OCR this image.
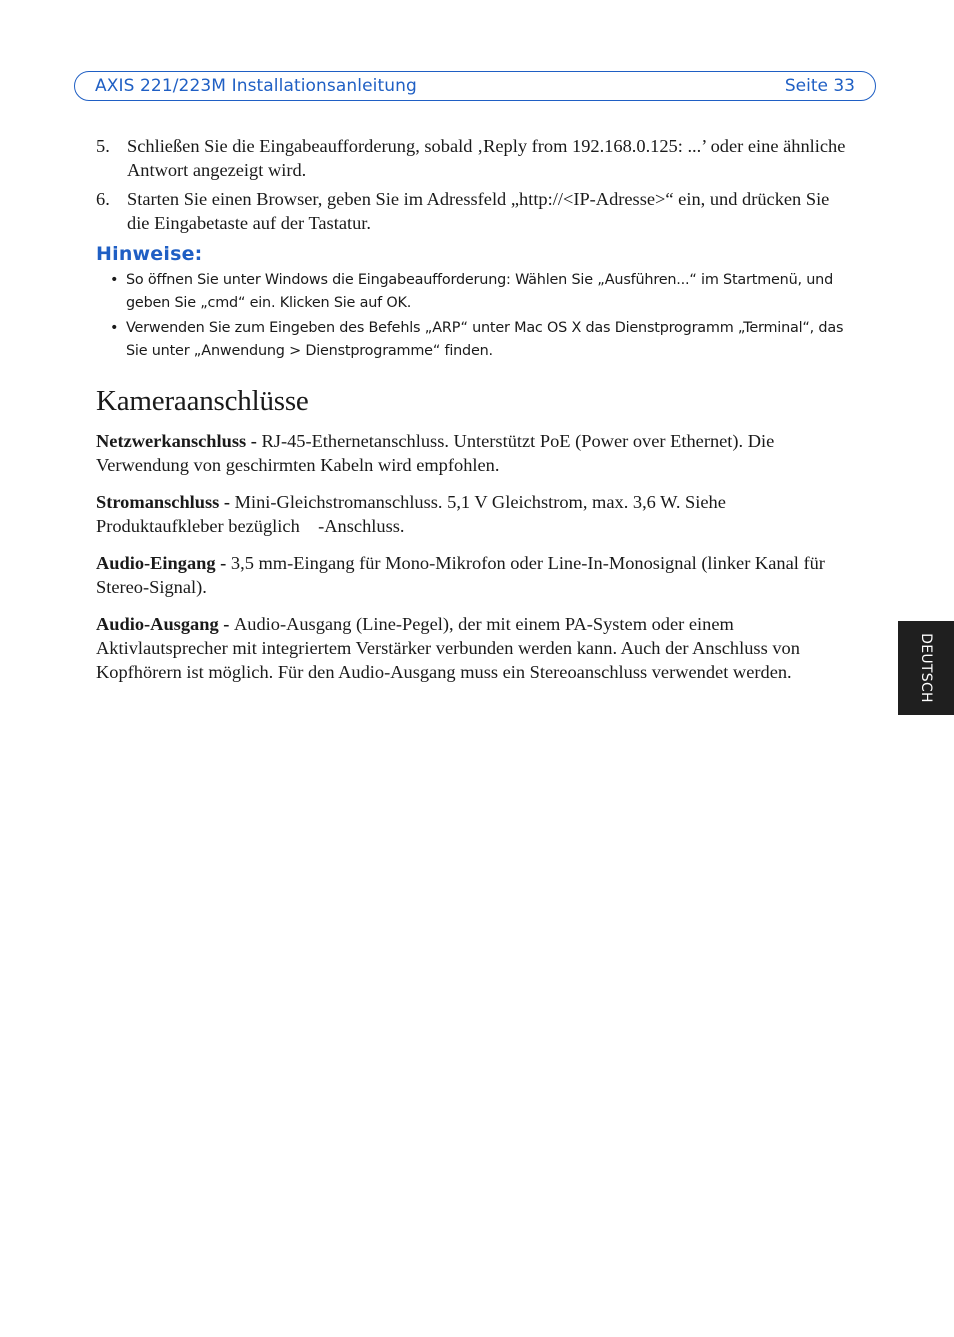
AXIS 221/223M Installationsanleitung	Seite 33
5. Schließen Sie die Eingabeaufforderung, sobald ‚Reply from 192.168.0.125: ...’ oder eine ähnliche Antwort angezeigt wird.
6. Starten Sie einen Browser, geben Sie im Adressfeld „http://<IP-Adresse>“ ein, und drücken Sie die Eingabetaste auf der Tastatur.
Hinweise:
• So öffnen Sie unter Windows die Eingabeaufforderung: Wählen Sie „Ausführen...“ im Startmenü, und geben Sie „cmd“ ein. Klicken Sie auf OK.
• Verwenden Sie zum Eingeben des Befehls „ARP“ unter Mac OS X das Dienstprogramm „Terminal“, das Sie unter „Anwendung > Dienstprogramme“ finden.
Kameraanschlüsse

Netzwerkanschluss - RJ-45-Ethernetanschluss. Unterstützt PoE (Power over Ethernet). Die Verwendung von geschirmten Kabeln wird empfohlen.

Stromanschluss - Mini-Gleichstromanschluss. 5,1 V Gleichstrom, max. 3,6 W. Siehe Produktaufkleber bezüglich    -Anschluss.

Audio-Eingang - 3,5 mm-Eingang für Mono-Mikrofon oder Line-In-Monosignal (linker Kanal für Stereo-Signal).

Audio-Ausgang - Audio-Ausgang (Line-Pegel), der mit einem PA-System oder einem Aktivlautsprecher mit integriertem Verstärker verbunden werden kann. Auch der Anschluss von Kopfhörern ist möglich. Für den Audio-Ausgang muss ein Stereoanschluss verwendet werden.	DEUTSCH
